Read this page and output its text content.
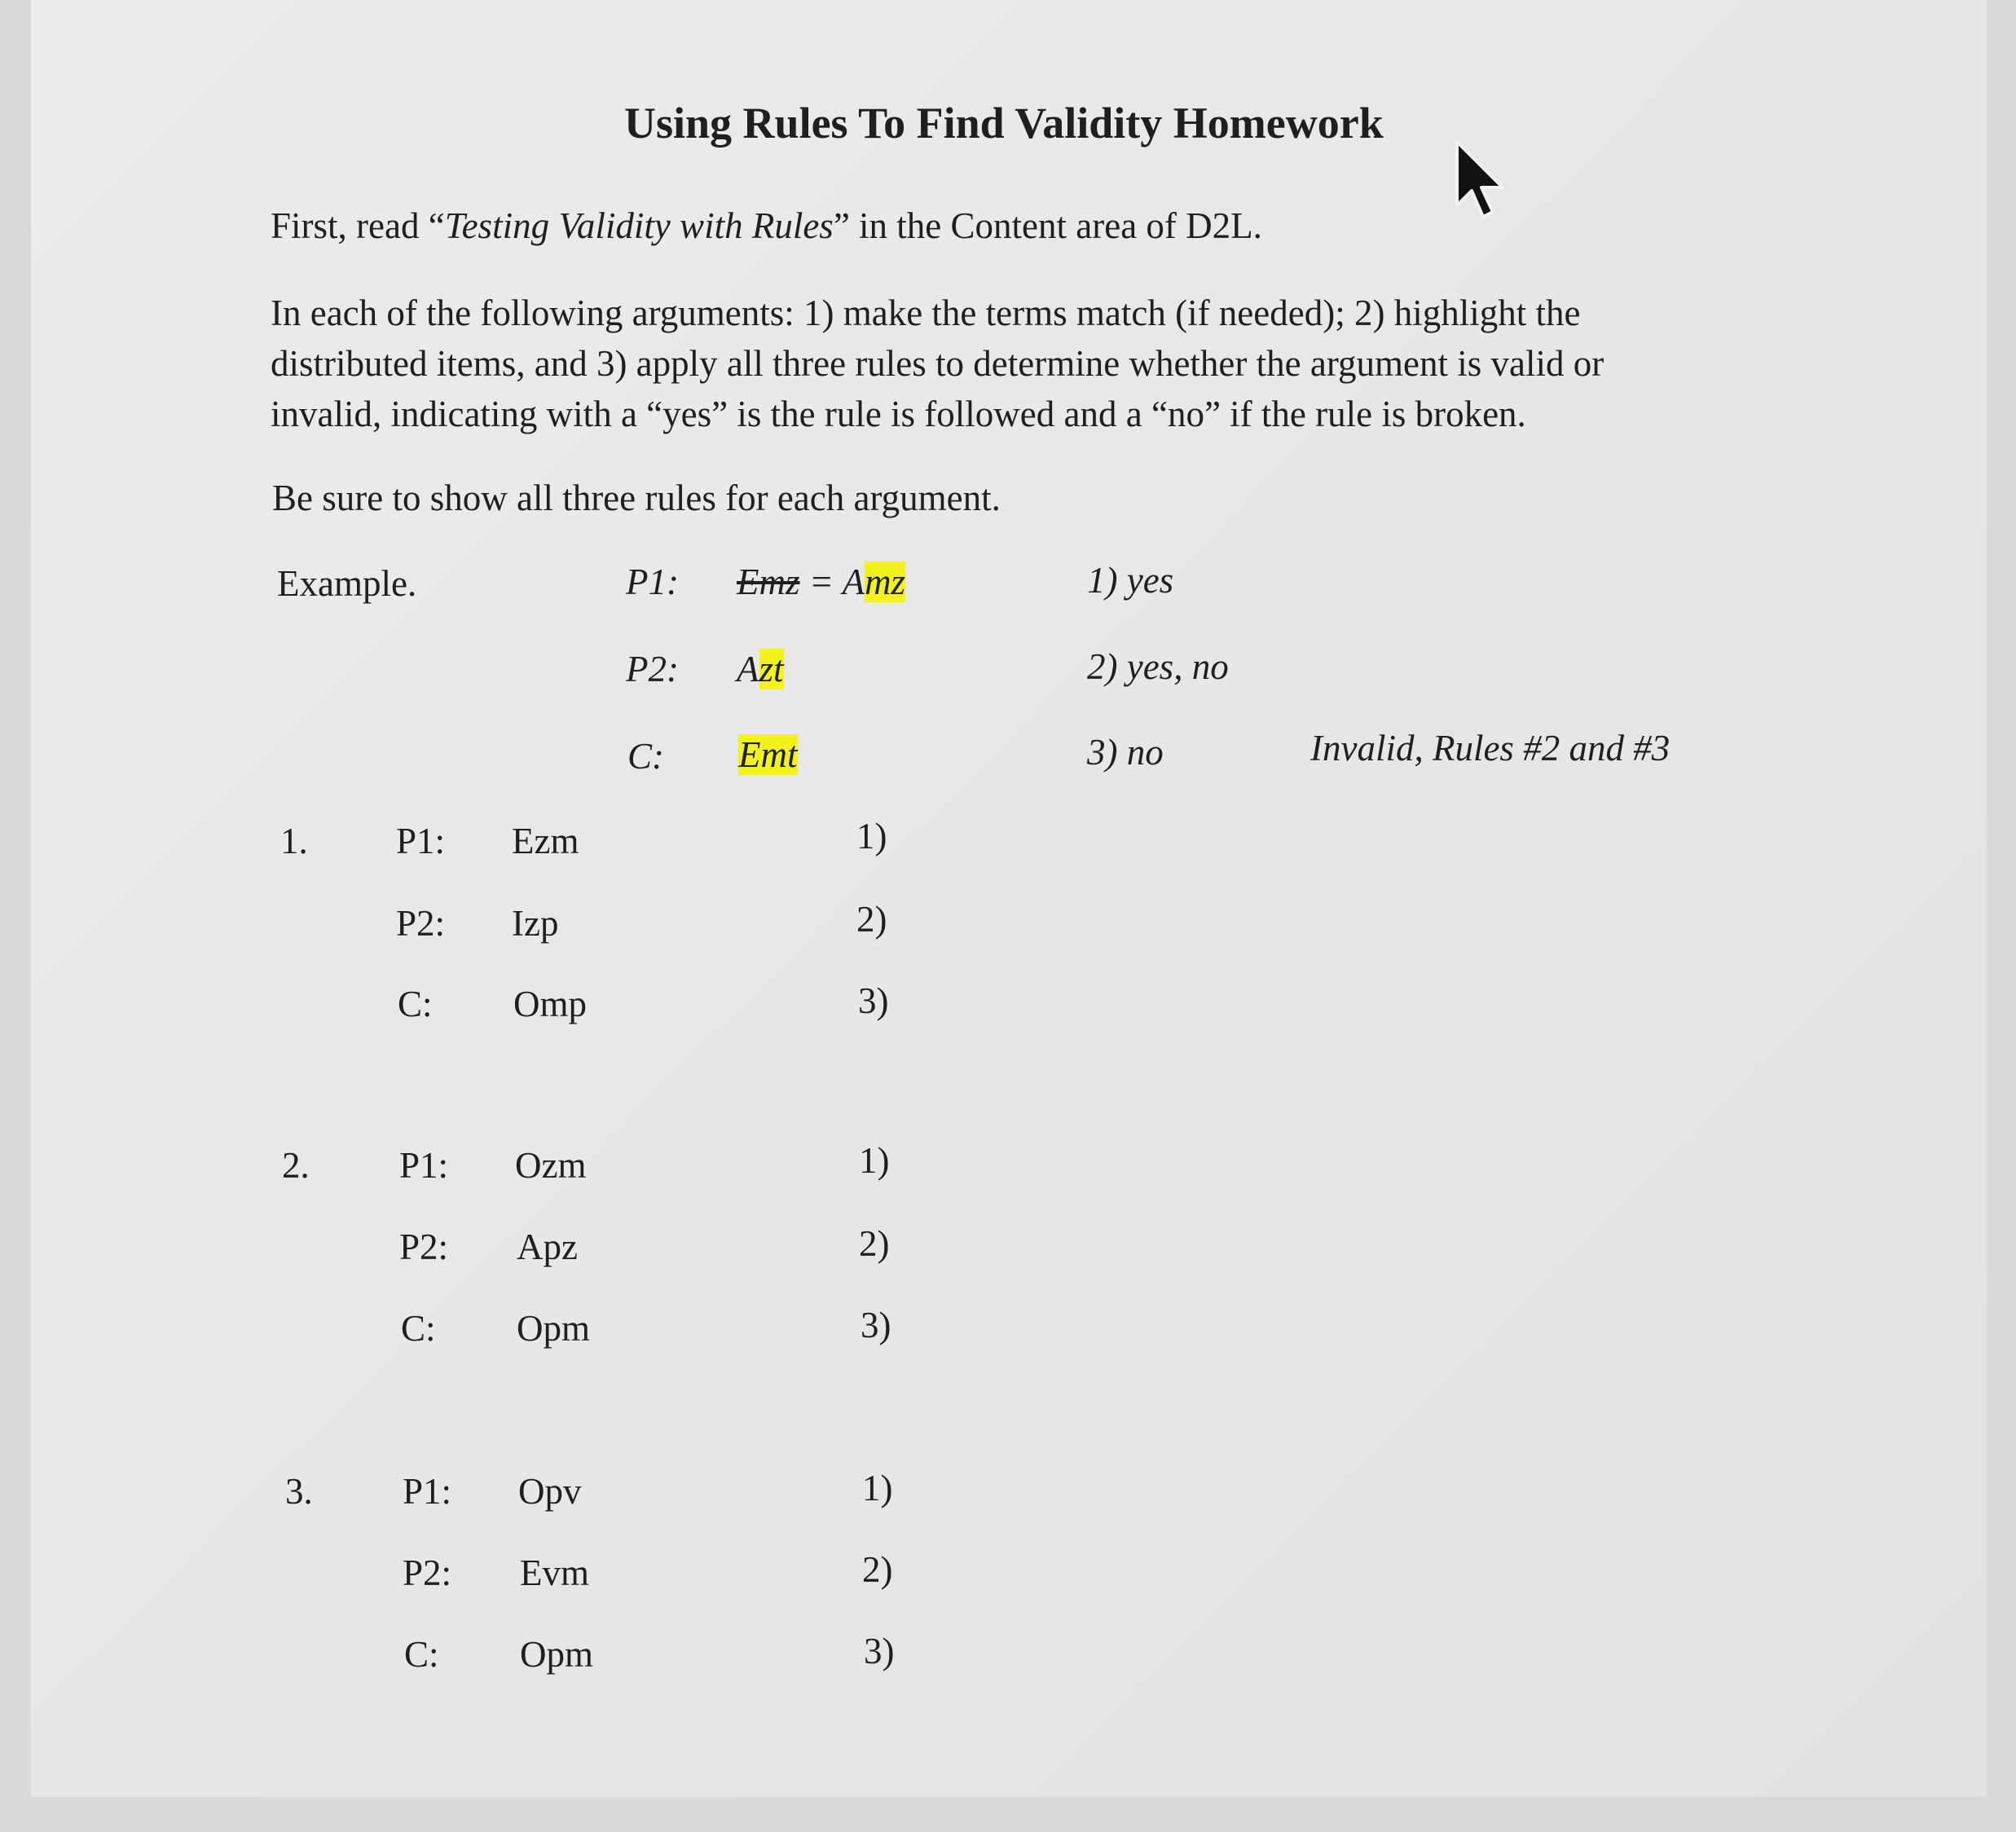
Using Rules To Find Validity Homework
First, read “Testing Validity with Rules” in the Content area of D2L.
In each of the following arguments: 1) make the terms match (if needed); 2) highlight the
distributed items, and 3) apply all three rules to determine whether the argument is valid or
invalid, indicating with a “yes” is the rule is followed and a “no” if the rule is broken.
Be sure to show all three rules for each argument.
Example.	P1: Emz = Amz	1) yes
P2: Azt	2) yes, no
C: Emt	3) no	Invalid, Rules #2 and #3
1. P1: Ezm	1)
P2: Izp	2)
C: Omp	3)
2. P1: Ozm	1)
P2: Apz	2)
C: Opm	3)
3. P1: Opv	1)
P2: Evm	2)
C: Opm	3)
